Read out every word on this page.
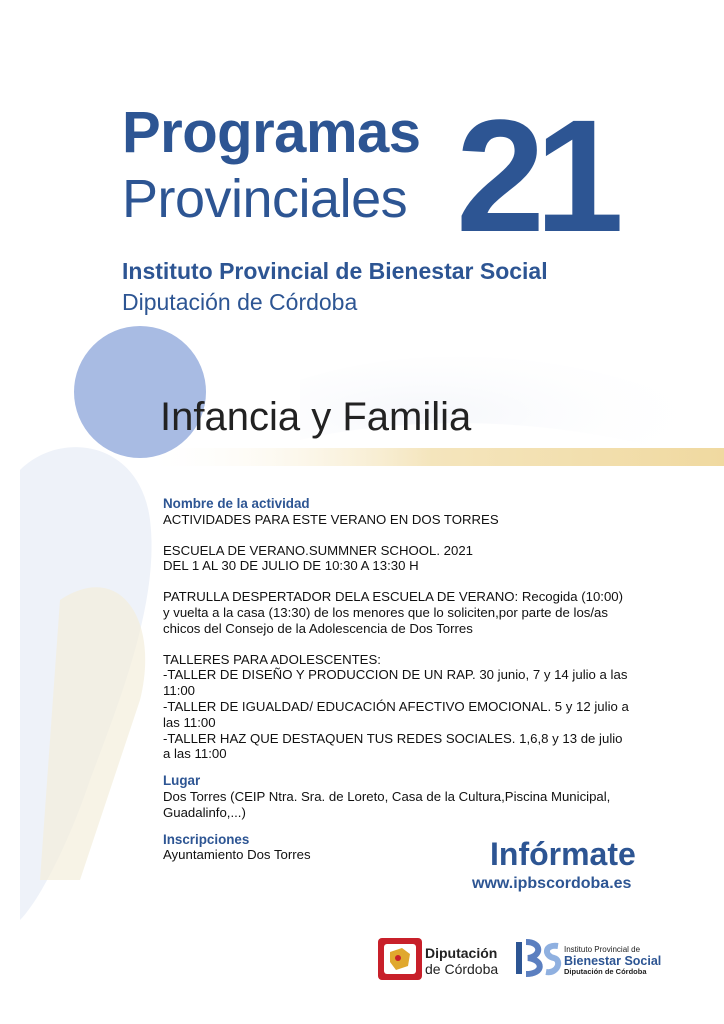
Programas
Provinciales 21
Instituto Provincial de Bienestar Social
Diputación de Córdoba
Infancia y Familia
Nombre de la actividad
ACTIVIDADES PARA ESTE VERANO EN DOS TORRES
ESCUELA DE VERANO.SUMMNER SCHOOL. 2021
DEL 1 AL 30 DE JULIO DE 10:30 A 13:30 H
PATRULLA DESPERTADOR DELA ESCUELA DE VERANO: Recogida (10:00) y vuelta a la casa (13:30) de los menores que lo soliciten,por parte de los/as chicos del Consejo de la Adolescencia de Dos Torres
TALLERES PARA ADOLESCENTES:
-TALLER DE DISEÑO Y PRODUCCION DE UN RAP. 30 junio, 7 y 14 julio a las 11:00
-TALLER DE IGUALDAD/ EDUCACIÓN AFECTIVO EMOCIONAL. 5 y 12 julio a las 11:00
-TALLER HAZ QUE DESTAQUEN TUS REDES SOCIALES. 1,6,8 y 13 de julio a las 11:00
Lugar
Dos Torres (CEIP Ntra. Sra. de Loreto, Casa de la Cultura,Piscina Municipal, Guadalinfo,...)
Inscripciones
Ayuntamiento Dos Torres	Infórmate
www.ipbscordoba.es
Diputación
de Córdoba
Instituto Provincial de
Bienestar Social
Diputación de Córdoba
